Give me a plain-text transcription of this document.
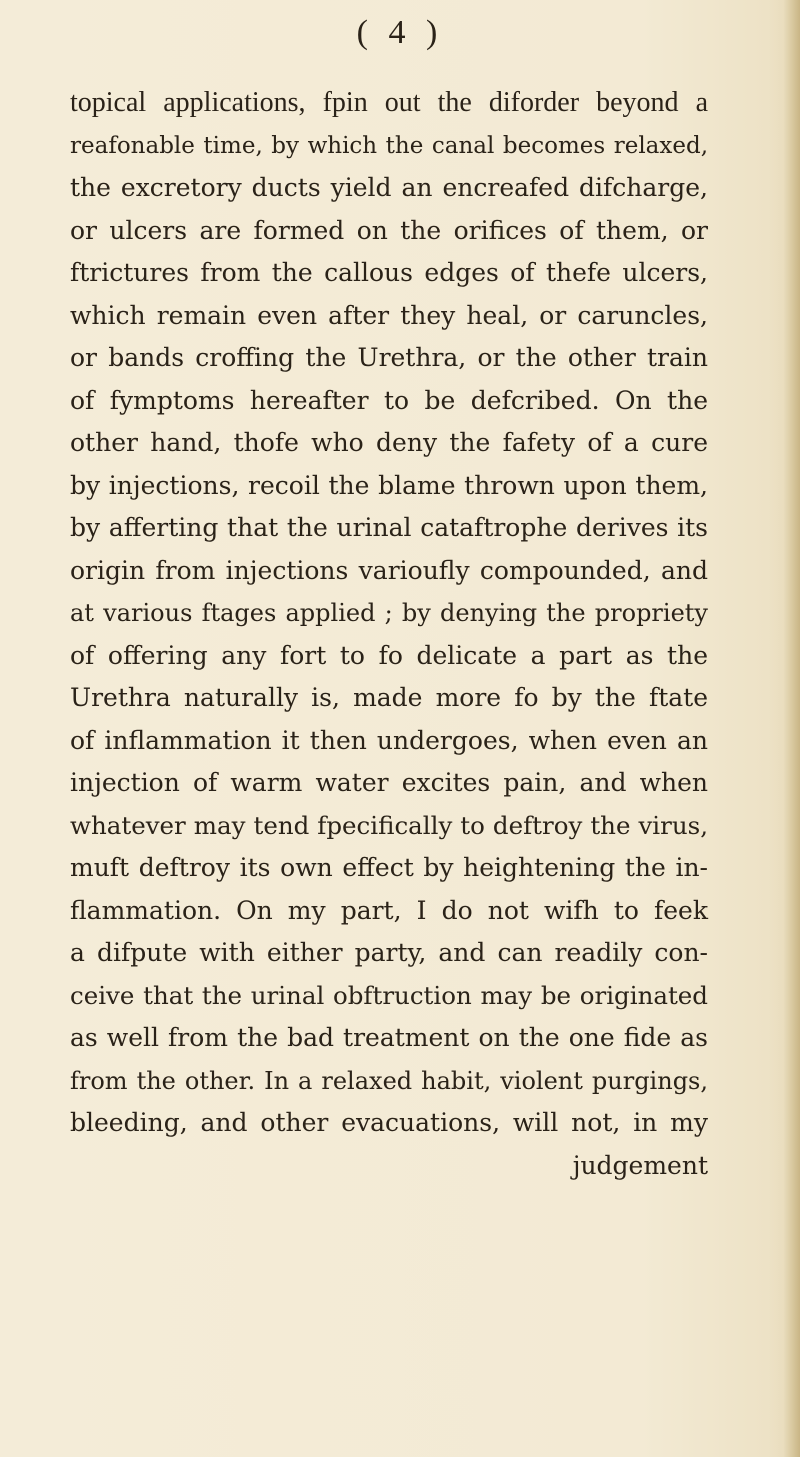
( 4 )
topical applications, fpin out the diforder beyond a
reafonable time, by which the canal becomes relaxed,
the excretory ducts yield an encreafed difcharge,
or ulcers are formed on the orifices of them, or
ftrictures from the callous edges of thefe ulcers,
which remain even after they heal, or caruncles,
or bands croffing the Urethra, or the other train
of fymptoms hereafter to be defcribed. On the
other hand, thofe who deny the fafety of a cure
by injections, recoil the blame thrown upon them,
by afferting that the urinal cataftrophe derives its
origin from injections varioufly compounded, and
at various ftages applied ; by denying the propriety
of offering any fort to fo delicate a part as the
Urethra naturally is, made more fo by the ftate
of inflammation it then undergoes, when even an
injection of warm water excites pain, and when
whatever may tend fpecifically to deftroy the virus,
muft deftroy its own effect by heightening the in-
flammation. On my part, I do not wifh to feek
a difpute with either party, and can readily con-
ceive that the urinal obftruction may be originated
as well from the bad treatment on the one fide as
from the other. In a relaxed habit, violent purgings,
bleeding, and other evacuations, will not, in my
judgement
